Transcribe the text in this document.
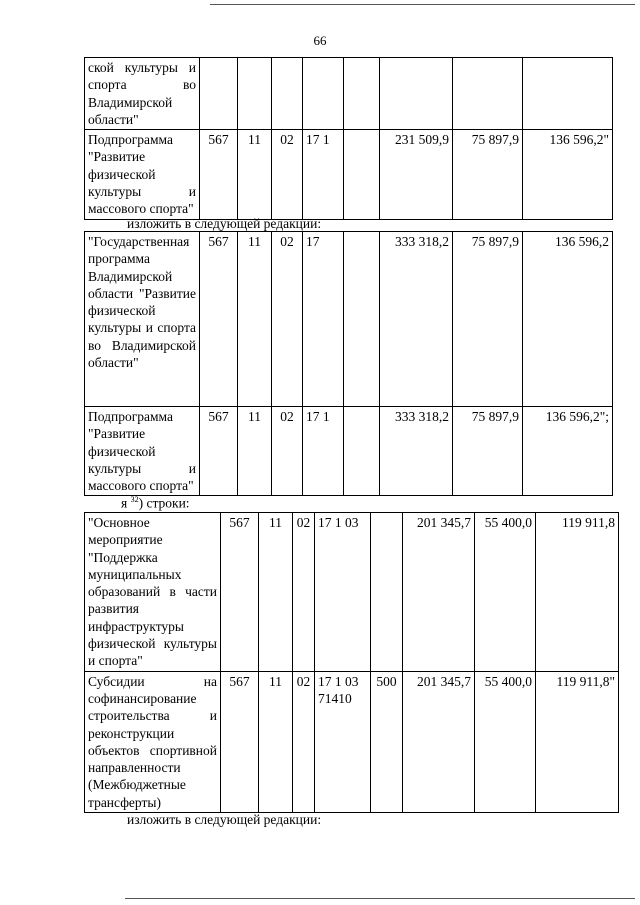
66
ской культуры и спорта во Владимирской области"								
Подпрограмма "Развитие физической культуры и массового спорта"	567	11	02	17 1		231 509,9	75 897,9	136 596,2"
изложить в следующей редакции:
"Государственная программа Владимирской области "Развитие физической культуры и спорта во Владимирской области"	567	11	02	17		333 318,2	75 897,9	136 596,2
Подпрограмма "Развитие физической культуры и массового спорта"	567	11	02	17 1		333 318,2	75 897,9	136 596,2";
я $^{32}$) строки:
"Основное мероприятие "Поддержка муниципальных образований в части развития инфраструктуры физической культуры и спорта"	567	11	02	17 1 03		201 345,7	55 400,0	119 911,8
Субсидии на софинансирование строительства и реконструкции объектов спортивной направленности (Межбюджетные трансферты)	567	11	02	17 1 03 71410	500	201 345,7	55 400,0	119 911,8"
изложить в следующей редакции:
